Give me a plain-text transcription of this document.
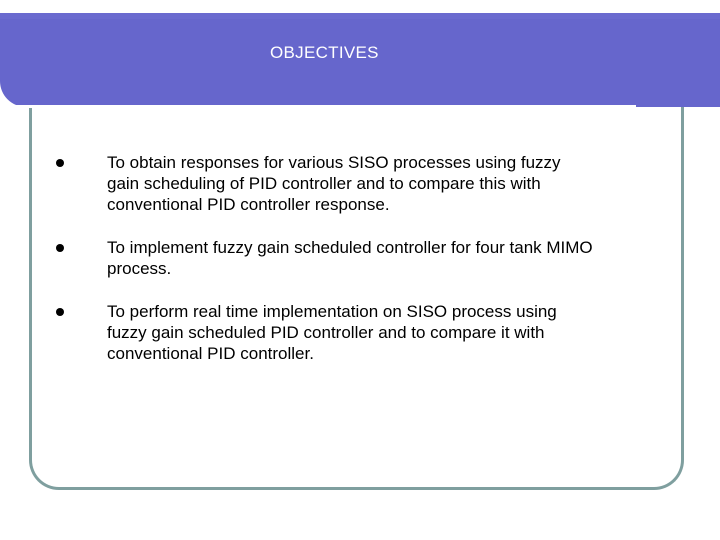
OBJECTIVES
To obtain responses for various SISO processes using fuzzy
gain scheduling of PID controller and to compare this with
conventional PID controller response.
To implement fuzzy gain scheduled controller for four tank MIMO
process.
To perform real time implementation on SISO process using
fuzzy gain scheduled PID controller and to compare it with
conventional PID controller.
